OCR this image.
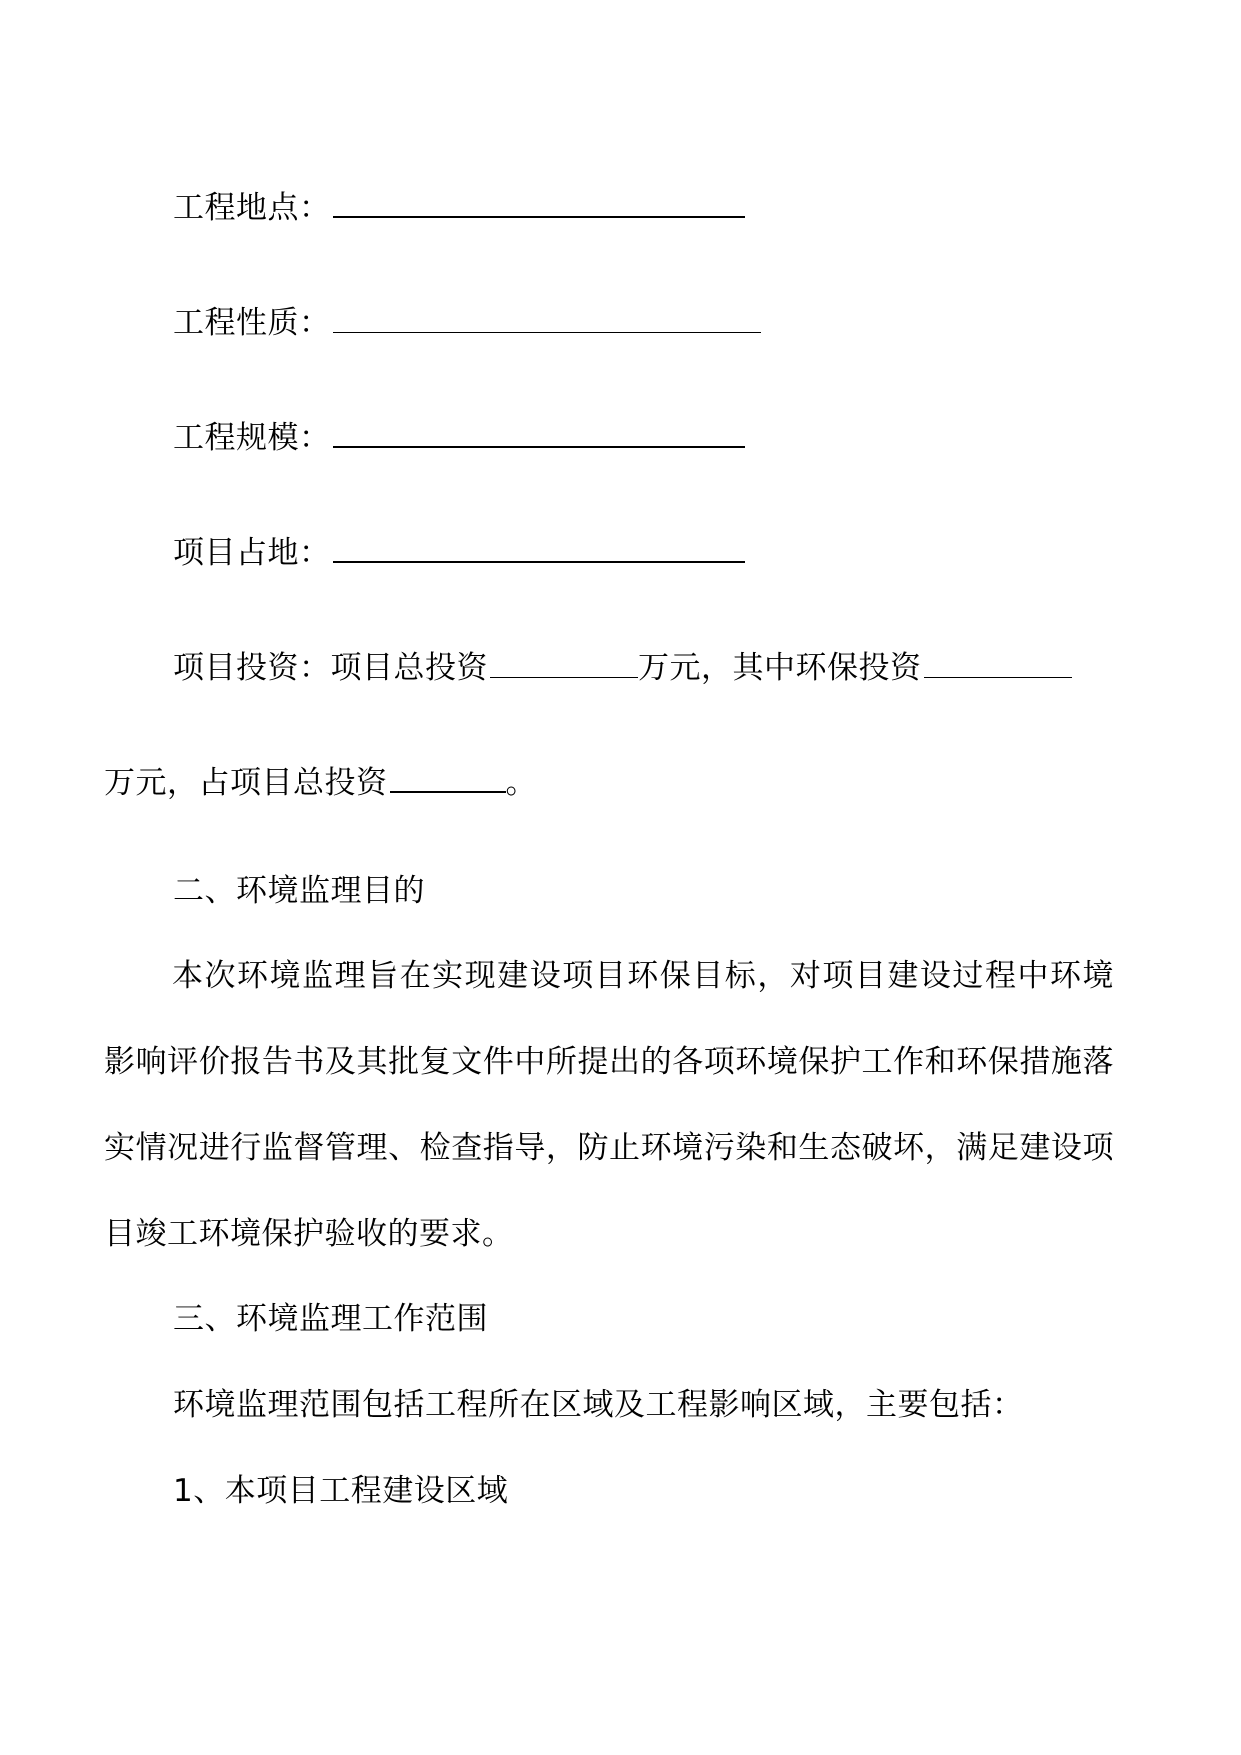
工程地点：
工程性质：
工程规模：
项目占地：
项目投资：项目总投资	万元，其中环保投资
万元，占项目总投资	。
二、环境监理目的
本次环境监理旨在实现建设项目环保目标，对项目建设过程中环境影响评价报告书及其批复文件中所提出的各项环境保护工作和环保措施落实情况进行监督管理、检查指导，防止环境污染和生态破坏，满足建设项目竣工环境保护验收的要求。
三、环境监理工作范围
环境监理范围包括工程所在区域及工程影响区域，主要包括：
1、本项目工程建设区域
